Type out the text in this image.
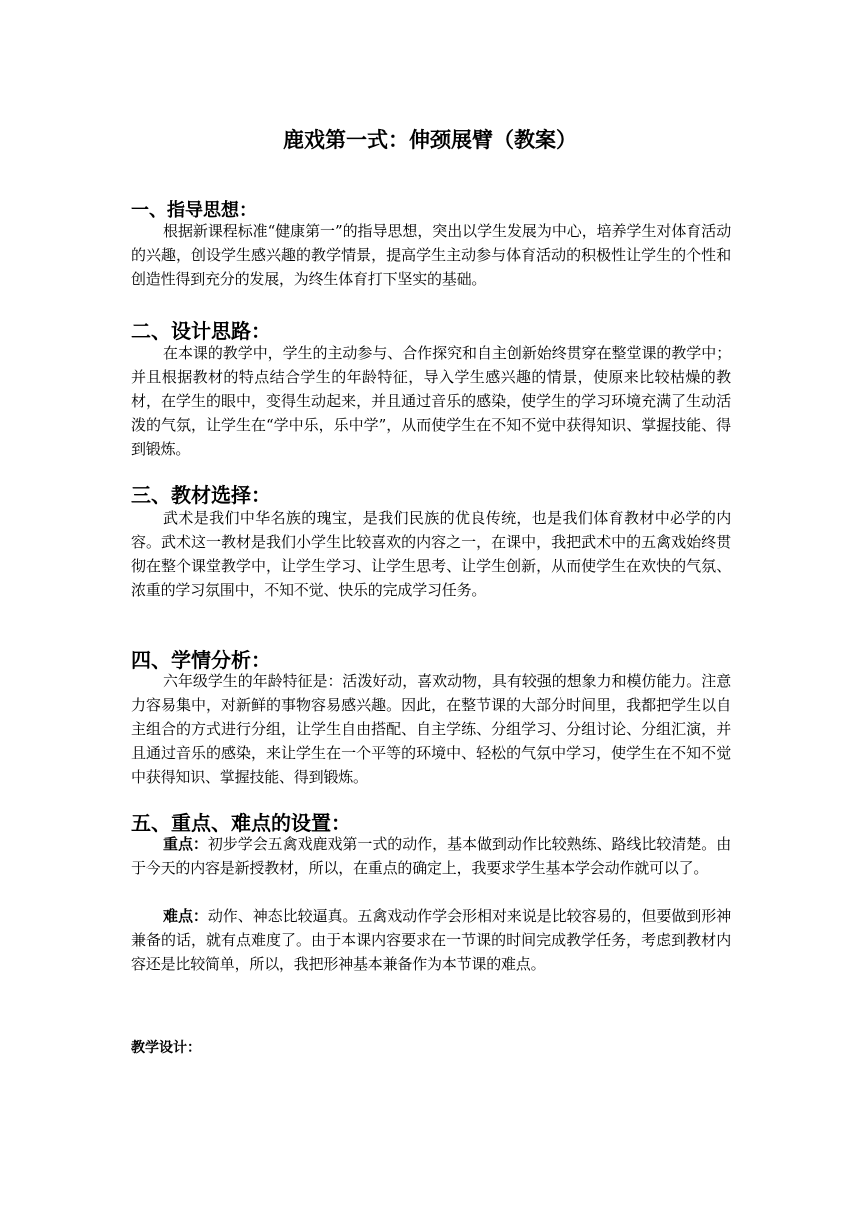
鹿戏第一式：伸颈展臂（教案）
一、指导思想：

根据新课程标准“健康第一”的指导思想，突出以学生发展为中心，培养学生对体育活动的兴趣，创设学生感兴趣的教学情景，提高学生主动参与体育活动的积极性让学生的个性和创造性得到充分的发展，为终生体育打下坚实的基础。

二、设计思路：

在本课的教学中，学生的主动参与、合作探究和自主创新始终贯穿在整堂课的教学中；并且根据教材的特点结合学生的年龄特征，导入学生感兴趣的情景，使原来比较枯燥的教材，在学生的眼中，变得生动起来，并且通过音乐的感染，使学生的学习环境充满了生动活泼的气氛，让学生在“学中乐，乐中学”，从而使学生在不知不觉中获得知识、掌握技能、得到锻炼。

三、教材选择：

武术是我们中华名族的瑰宝，是我们民族的优良传统，也是我们体育教材中必学的内容。武术这一教材是我们小学生比较喜欢的内容之一，在课中，我把武术中的五禽戏始终贯彻在整个课堂教学中，让学生学习、让学生思考、让学生创新，从而使学生在欢快的气氛、浓重的学习氛围中，不知不觉、快乐的完成学习任务。

四、学情分析：

六年级学生的年龄特征是：活泼好动，喜欢动物，具有较强的想象力和模仿能力。注意力容易集中，对新鲜的事物容易感兴趣。因此，在整节课的大部分时间里，我都把学生以自主组合的方式进行分组，让学生自由搭配、自主学练、分组学习、分组讨论、分组汇演，并且通过音乐的感染，来让学生在一个平等的环境中、轻松的气氛中学习，使学生在不知不觉中获得知识、掌握技能、得到锻炼。

五、重点、难点的设置：

重点：初步学会五禽戏鹿戏第一式的动作，基本做到动作比较熟练、路线比较清楚。由于今天的内容是新授教材，所以，在重点的确定上，我要求学生基本学会动作就可以了。

难点：动作、神态比较逼真。五禽戏动作学会形相对来说是比较容易的，但要做到形神兼备的话，就有点难度了。由于本课内容要求在一节课的时间完成教学任务，考虑到教材内容还是比较简单，所以，我把形神基本兼备作为本节课的难点。

教学设计：
